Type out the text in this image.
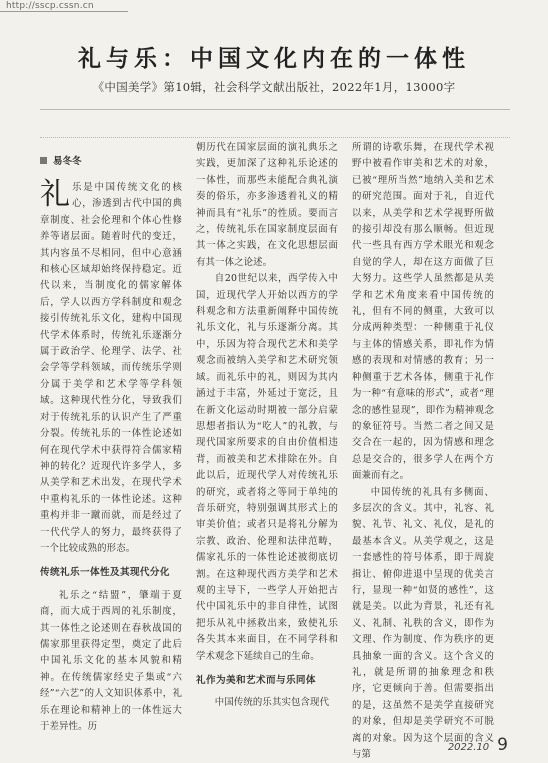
http://sscp.cssn.cn
礼与乐：中国文化内在的一体性
《中国美学》第10辑，社会科学文献出版社，2022年1月，13000字
易冬冬

礼乐是中国传统文化的核心，渗透到古代中国的典章制度、社会伦理和个体心性修养等诸层面。随着时代的变迁，其内容虽不尽相同，但中心意涵和核心区域却始终保持稳定。近代以来，当制度化的儒家解体后，学人以西方学科制度和观念接引传统礼乐文化，建构中国现代学术体系时，传统礼乐逐渐分属于政治学、伦理学、法学、社会学等学科领域，而传统乐学则分属于美学和艺术学等学科领域。这种现代性分化，导致我们对于传统礼乐的认识产生了严重分裂。传统礼乐的一体性论述如何在现代学术中获得符合儒家精神的转化？近现代许多学人，多从美学和艺术出发，在现代学术中重构礼乐的一体性论述。这种重构并非一蹴而就，而是经过了一代代学人的努力，最终获得了一个比较成熟的形态。

传统礼乐一体性及其现代分化

礼乐之“结盟”，肇端于夏商，而大成于西周的礼乐制度，其一体性之论述则在春秋战国的儒家那里获得定型，奠定了此后中国礼乐文化的基本风貌和精神。在传统儒家经史子集或“六经”“六艺”的人文知识体系中，礼乐在理论和精神上的一体性远大于差异性。历

朝历代在国家层面的演礼典乐之实践，更加深了这种礼乐论述的一体性，而那些未能配合典礼演奏的俗乐，亦多渗透着礼义的精神而具有“礼乐”的性质。要而言之，传统礼乐在国家制度层面有其一体之实践，在文化思想层面有其一体之论述。

自20世纪以来，西学传入中国，近现代学人开始以西方的学科观念和方法重新阐释中国传统礼乐文化，礼与乐逐渐分离。其中，乐因为符合现代艺术和美学观念而被纳入美学和艺术研究领域。而礼乐中的礼，则因为其内涵过于丰富，外延过于宽泛，且在新文化运动时期被一部分启蒙思想者指认为“吃人”的礼教，与现代国家所要求的自由价值相违背，而被美和艺术排除在外。自此以后，近现代学人对传统礼乐的研究，或者将之等同于单纯的音乐研究，特别强调其形式上的审美价值；或者只是将礼分解为宗教、政治、伦理和法律范畴，儒家礼乐的一体性论述被彻底切割。在这种现代西方美学和艺术观的主导下，一些学人开始把古代中国礼乐中的非自律性，试图把乐从礼中拯救出来，致使礼乐各失其本来面目，在不同学科和学术观念下延续自己的生命。

礼作为美和艺术而与乐同体

中国传统的乐其实包含现代

所谓的诗歌乐舞，在现代学术视野中被看作审美和艺术的对象，已被“理所当然”地纳入美和艺术的研究范围。面对于礼，自近代以来，从美学和艺术学视野所做的接引却没有那么顺畅。但近现代一些具有西方学术眼光和观念自觉的学人，却在这方面做了巨大努力。这些学人虽然都是从美学和艺术角度来看中国传统的礼，但有不同的侧重，大致可以分成两种类型：一种侧重于礼仪与主体的情感关系，即礼作为情感的表现和对情感的教育；另一种侧重于艺术各体，侧重于礼作为一种“有意味的形式”，或者“理念的感性显现”，即作为精神观念的象征符号。当然二者之间又是交合在一起的，因为情感和理念总是交合的，很多学人在两个方面兼而有之。

中国传统的礼具有多侧面、多层次的含义。其中，礼容、礼貌、礼节、礼文、礼仪，是礼的最基本含义。从美学观之，这是一套感性的符号体系，即于周旋揖让、俯仰进退中呈现的优美言行，显现一种“如贤的感性”，这就是美。以此为背景，礼还有礼义、礼制、礼秩的含义，即作为文理、作为制度、作为秩序的更具抽象一面的含义。这个含义的礼，就是所谓的抽象理念和秩序，它更倾向于善。但需要指出的是，这虽然不是美学直接研究的对象，但却是美学研究不可脱离的对象。因为这个层面的含义与第

2022.10 9
